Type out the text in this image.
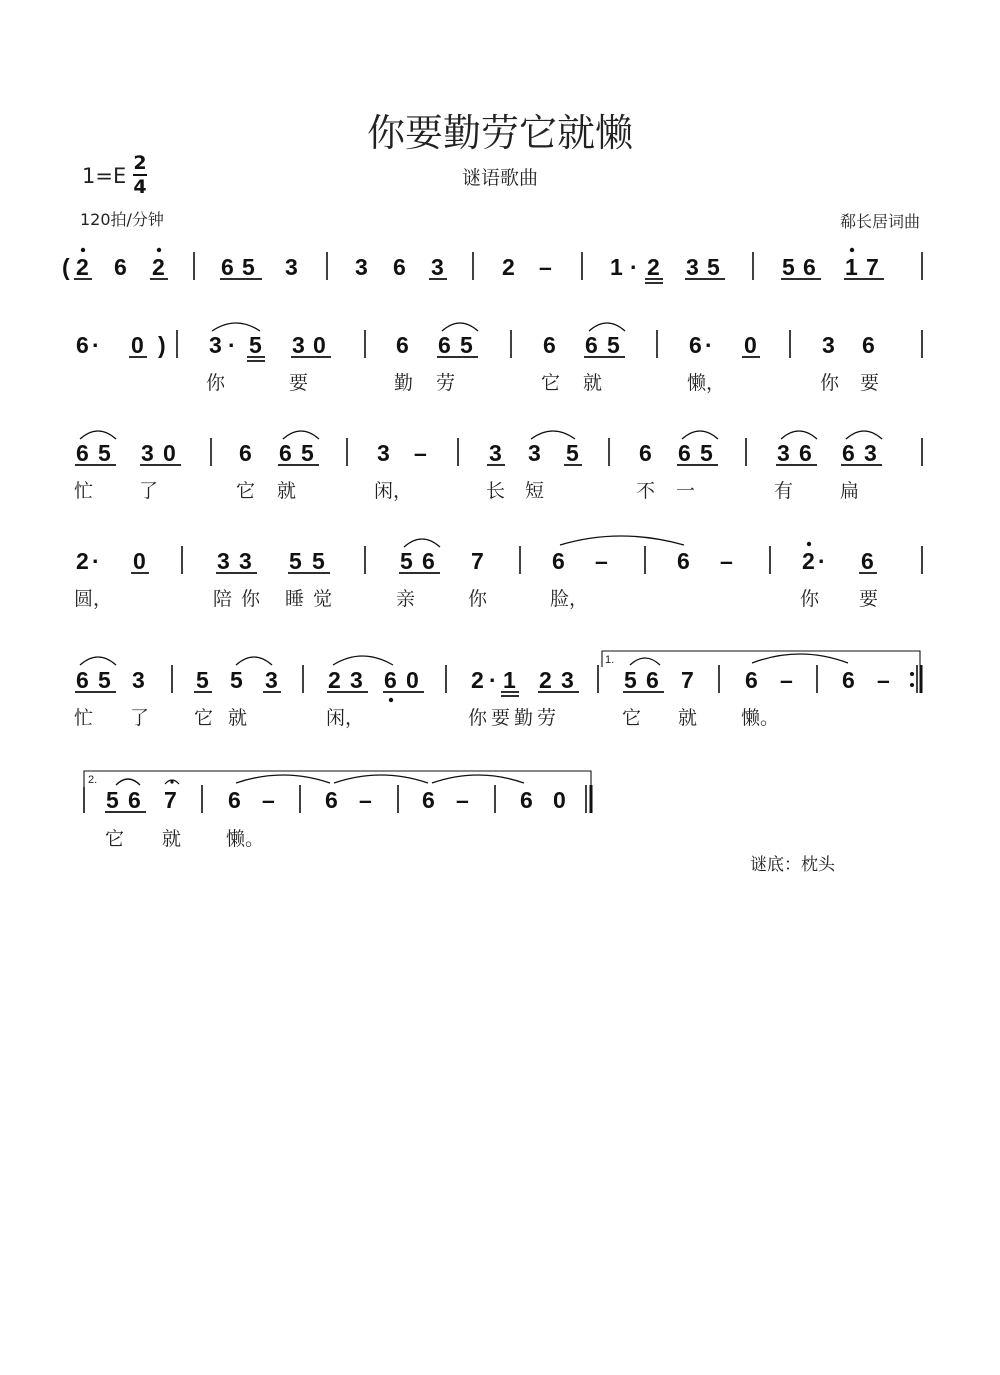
你要勤劳它就懒
谜语歌曲
1=E
2
4
120拍/分钟	郗长居词曲
谜底：枕头
( 2 6 2 6 5 3 3 6 3	2 –	1 · 2 3 5	5 6 1 7
6 · 0 ) 3 · 5 3 0	6 6 5	6 6 5	6 · 0	3 6
你	要	勤 劳	它 就	懒，	你 要
6 5 3 0	6 6 5	3 –	3 3 5	6 6 5	3 6 6 3
忙 了	它 就	闲，	长 短	不 一	有 扁
2 · 0	3 3 5 5	5 6 7	6 –	6 –	2 · 6
圆，	陪 你 睡 觉	亲	你	脸，	你 要
1.
6 5 3 5 5 3 2 3 6 0 2 · 1 2 3 5 6 7 6 – 6 –
忙 了 它 就	闲，	你 要 勤 劳	它 就 懒。
2.
5 6 7 6 – 6 – 6 – 6 0
它 就 懒。
